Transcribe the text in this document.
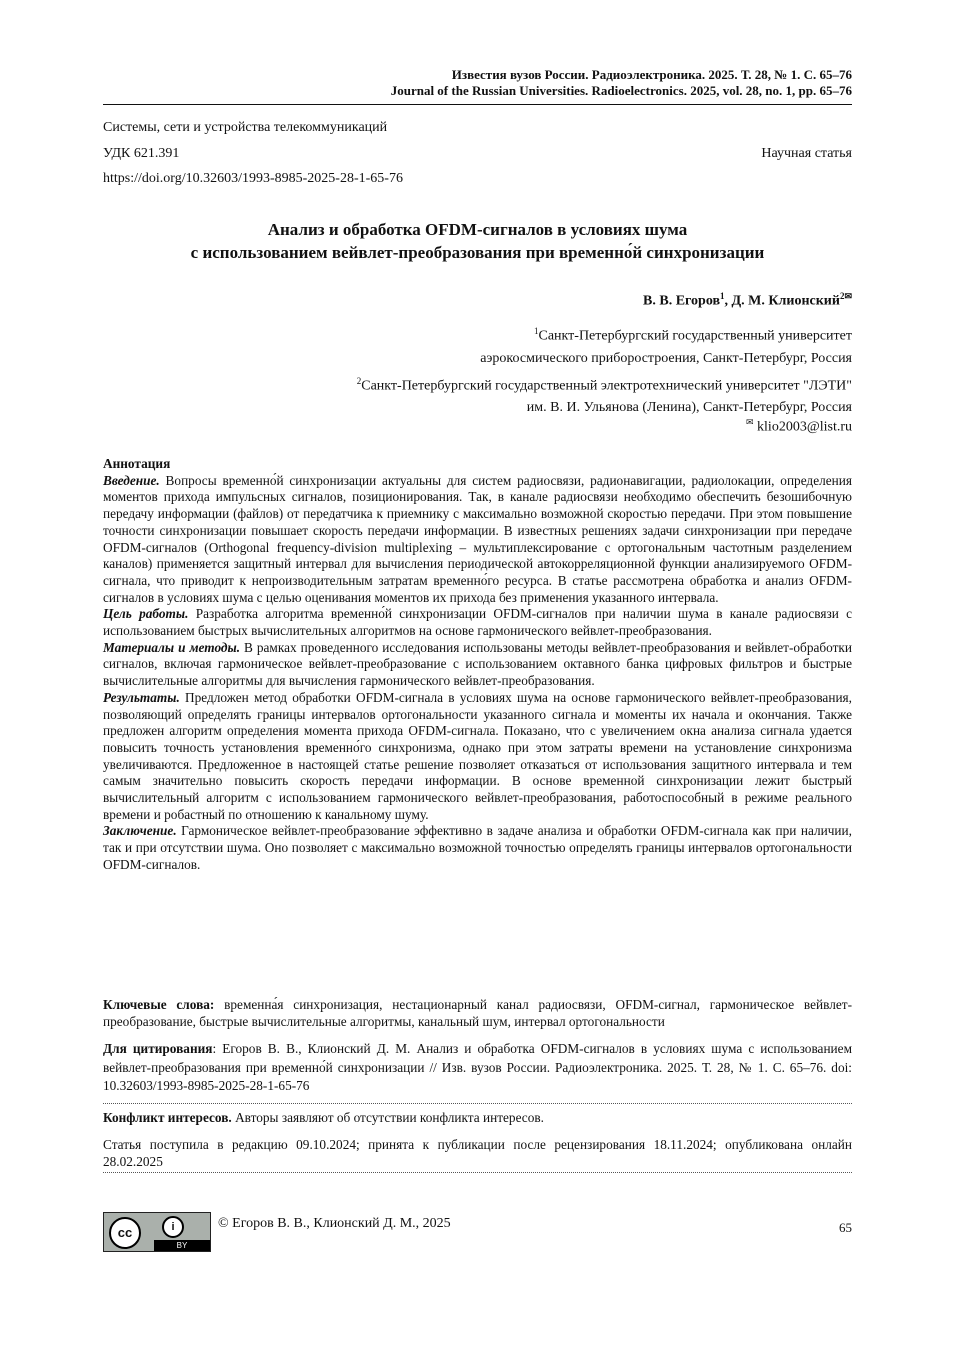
Известия вузов России. Радиоэлектроника. 2025. Т. 28, № 1. С. 65–76
Journal of the Russian Universities. Radioelectronics. 2025, vol. 28, no. 1, pp. 65–76
Системы, сети и устройства телекоммуникаций
УДК 621.391	Научная статья
https://doi.org/10.32603/1993-8985-2025-28-1-65-76
Анализ и обработка OFDM-сигналов в условиях шума
с использованием вейвлет-преобразования при временно́й синхронизации
В. В. Егоров$^1$, Д. М. Клионский$^{2✉}$
$^1$Санкт-Петербургский государственный университет
аэрокосмического приборостроения, Санкт-Петербург, Россия
$^2$Санкт-Петербургский государственный электротехнический университет "ЛЭТИ"
им. В. И. Ульянова (Ленина), Санкт-Петербург, Россия
✉ klio2003@list.ru

Аннотация

Введение. Вопросы временно́й синхронизации актуальны для систем радиосвязи, радионавигации, радиолокации, определения моментов прихода импульсных сигналов, позиционирования. Так, в канале радиосвязи необходимо обеспечить безошибочную передачу информации (файлов) от передатчика к приемнику с максимально возможной скоростью передачи. При этом повышение точности синхронизации повышает скорость передачи информации. В известных решениях задачи синхронизации при передаче OFDM-сигналов (Orthogonal frequency-division multiplexing – мультиплексирование с ортогональным частотным разделением каналов) применяется защитный интервал для вычисления периодической автокорреляционной функции анализируемого OFDM-сигнала, что приводит к непроизводительным затратам временно́го ресурса. В статье рассмотрена обработка и анализ OFDM-сигналов в условиях шума с целью оценивания моментов их прихода без применения указанного интервала.

Цель работы. Разработка алгоритма временно́й синхронизации OFDM-сигналов при наличии шума в канале радиосвязи с использованием быстрых вычислительных алгоритмов на основе гармонического вейвлет-преобразования.

Материалы и методы. В рамках проведенного исследования использованы методы вейвлет-преобразования и вейвлет-обработки сигналов, включая гармоническое вейвлет-преобразование с использованием октавного банка цифровых фильтров и быстрые вычислительные алгоритмы для вычисления гармонического вейвлет-преобразования.

Результаты. Предложен метод обработки OFDM-сигнала в условиях шума на основе гармонического вейвлет-преобразования, позволяющий определять границы интервалов ортогональности указанного сигнала и моменты их начала и окончания. Также предложен алгоритм определения момента прихода OFDM-сигнала. Показано, что с увеличением окна анализа сигнала удается повысить точность установления временно́го синхронизма, однако при этом затраты времени на установление синхронизма увеличиваются. Предложенное в настоящей статье решение позволяет отказаться от использования защитного интервала и тем самым значительно повысить скорость передачи информации. В основе временной синхронизации лежит быстрый вычислительный алгоритм с использованием гармонического вейвлет-преобразования, работоспособный в режиме реального времени и робастный по отношению к канальному шуму.

Заключение. Гармоническое вейвлет-преобразование эффективно в задаче анализа и обработки OFDM-сигнала как при наличии, так и при отсутствии шума. Оно позволяет с максимально возможной точностью определять границы интервалов ортогональности OFDM-сигналов.

Ключевые слова: временна́я синхронизация, нестационарный канал радиосвязи, OFDM-сигнал, гармоническое вейвлет-преобразование, быстрые вычислительные алгоритмы, канальный шум, интервал ортогональности
Для цитирования: Егоров В. В., Клионский Д. М. Анализ и обработка OFDM-сигналов в условиях шума с использованием вейвлет-преобразования при временно́й синхронизации // Изв. вузов России. Радиоэлектроника. 2025. Т. 28, № 1. С. 65–76. doi: 10.32603/1993-8985-2025-28-1-65-76
Конфликт интересов. Авторы заявляют об отсутствии конфликта интересов.
Статья поступила в редакцию 09.10.2024; принята к публикации после рецензирования 18.11.2024; опубликована онлайн 28.02.2025
cc	i
BY
© Егоров В. В., Клионский Д. М., 2025	65
